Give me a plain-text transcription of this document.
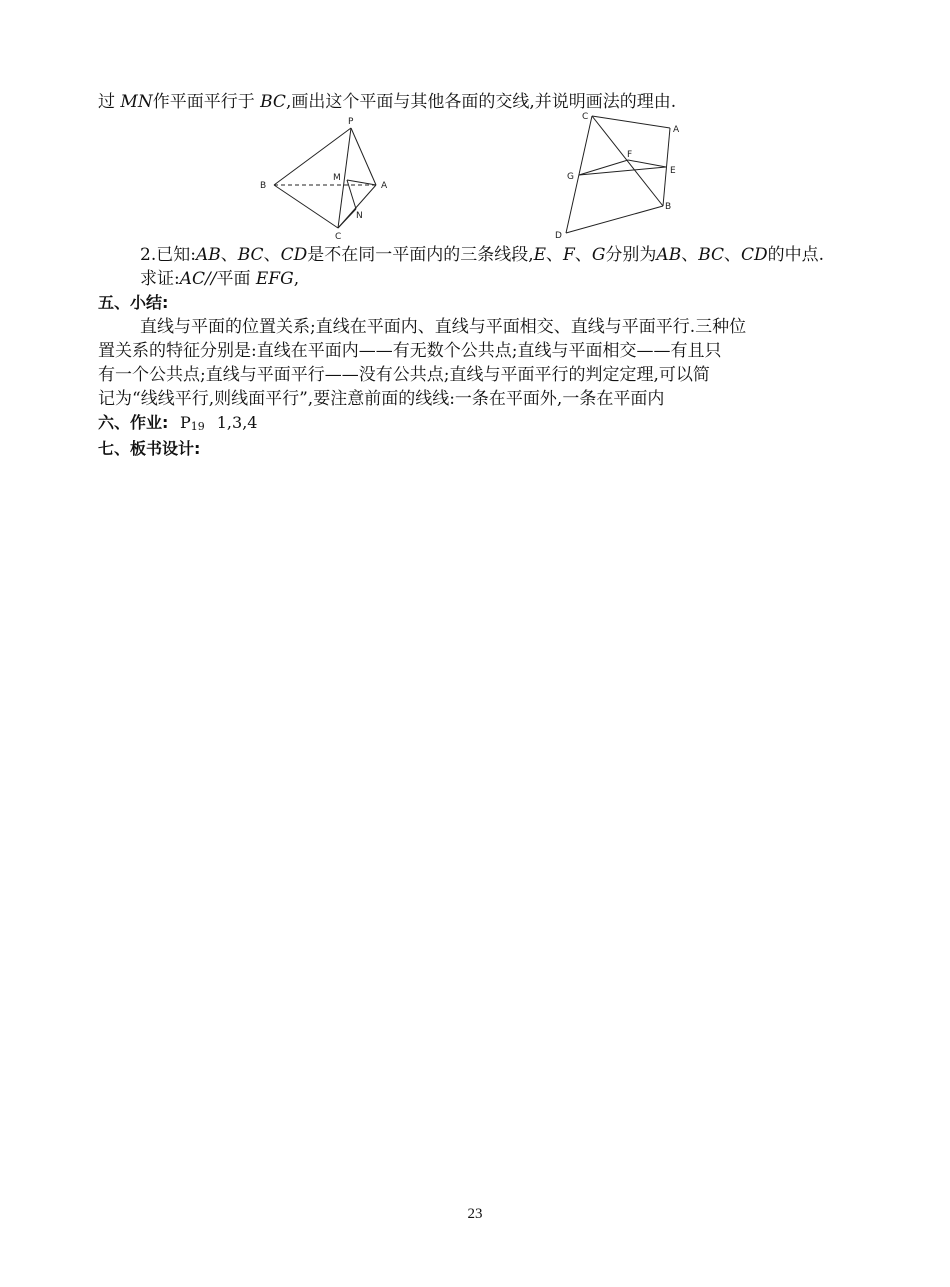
过 MN作平面平行于 BC,画出这个平面与其他各面的交线,并说明画法的理由.
P
B
M
A
N
C
C
A
F
G
E
B
D
2.已知:AB、BC、CD是不在同一平面内的三条线段,E、F、G分别为AB、BC、CD的中点.
求证:AC//平面 EFG,
五、小结:
直线与平面的位置关系;直线在平面内、直线与平面相交、直线与平面平行.三种位
置关系的特征分别是:直线在平面内——有无数个公共点;直线与平面相交——有且只
有一个公共点;直线与平面平行——没有公共点;直线与平面平行的判定定理,可以简
记为“线线平行,则线面平行”,要注意前面的线线:一条在平面外,一条在平面内
六、作业: $P_{19}$ 1,3,4
七、板书设计:
23
